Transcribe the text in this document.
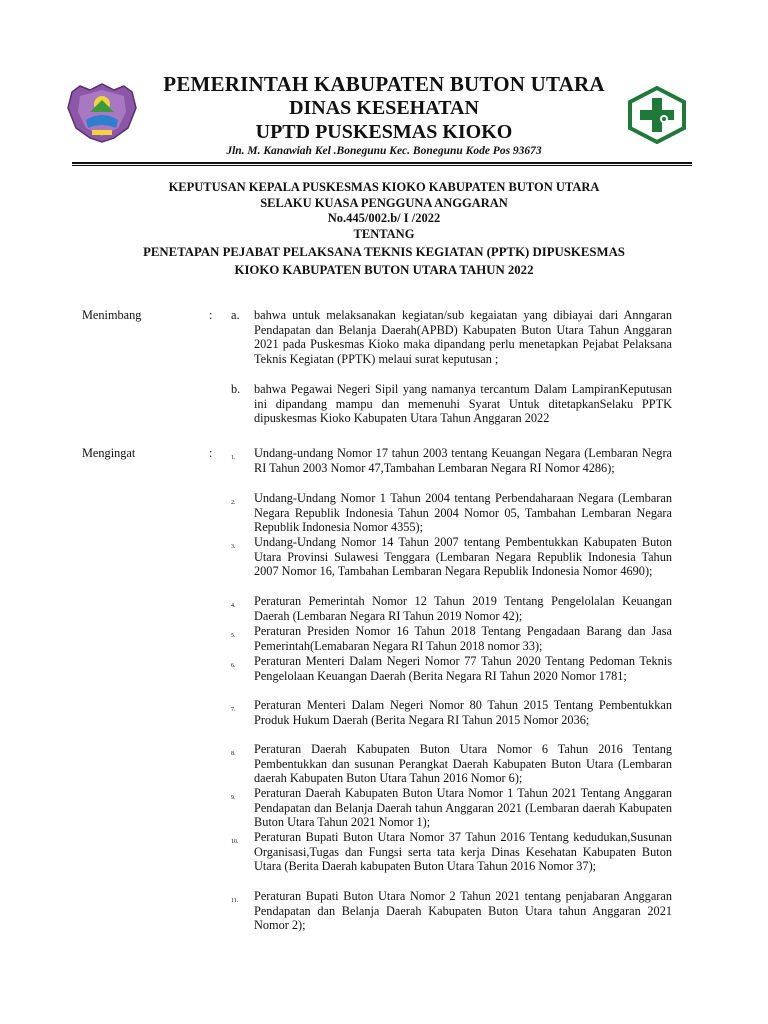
PEMERINTAH KABUPATEN BUTON UTARA
DINAS KESEHATAN
UPTD PUSKESMAS KIOKO
Jln. M. Kanawiah Kel .Bonegunu Kec. Bonegunu Kode Pos 93673
KEPUTUSAN KEPALA PUSKESMAS KIOKO KABUPATEN BUTON UTARA
SELAKU KUASA PENGGUNA ANGGARAN
No.445/002.b/ I /2022
TENTANG
PENETAPAN PEJABAT PELAKSANA TEKNIS KEGIATAN (PPTK) DIPUSKESMAS
KIOKO KABUPATEN BUTON UTARA TAHUN 2022
Menimbang	: a. bahwa untuk melaksanakan kegiatan/sub kegaiatan yang dibiayai dari Anngaran Pendapatan dan Belanja Daerah(APBD) Kabupaten Buton Utara Tahun Anggaran 2021 pada Puskesmas Kioko maka dipandang perlu menetapkan Pejabat Pelaksana Teknis Kegiatan (PPTK) melaui surat keputusan ;
b. bahwa Pegawai Negeri Sipil yang namanya tercantum Dalam LampiranKeputusan ini dipandang mampu dan memenuhi Syarat Untuk ditetapkanSelaku PPTK dipuskesmas Kioko Kabupaten Utara Tahun Anggaran 2022
Mengingat	:	1. Undang-undang Nomor 17 tahun 2003 tentang Keuangan Negara (Lembaran Negra RI Tahun 2003 Nomor 47,Tambahan Lembaran Negara RI Nomor 4286);
2. Undang-Undang Nomor 1 Tahun 2004 tentang Perbendaharaan Negara (Lembaran Negara Republik Indonesia Tahun 2004 Nomor 05, Tambahan Lembaran Negara Republik Indonesia Nomor 4355);
3. Undang-Undang Nomor 14 Tahun 2007 tentang Pembentukkan Kabupaten Buton Utara Provinsi Sulawesi Tenggara (Lembaran Negara Republik Indonesia Tahun 2007 Nomor 16, Tambahan Lembaran Negara Republik Indonesia Nomor 4690);
4. Peraturan Pemerintah Nomor 12 Tahun 2019 Tentang Pengelolalan Keuangan Daerah (Lembaran Negara RI Tahun 2019 Nomor 42);
5. Peraturan Presiden Nomor 16 Tahun 2018 Tentang Pengadaan Barang dan Jasa Pemerintah(Lemabaran Negara RI Tahun 2018 nomor 33);
6. Peraturan Menteri Dalam Negeri Nomor 77 Tahun 2020 Tentang Pedoman Teknis Pengelolaan Keuangan Daerah (Berita Negara RI Tahun 2020 Nomor 1781;
7. Peraturan Menteri Dalam Negeri Nomor 80 Tahun 2015 Tentang Pembentukkan Produk Hukum Daerah (Berita Negara RI Tahun 2015 Nomor 2036;
8. Peraturan Daerah Kabupaten Buton Utara Nomor 6 Tahun 2016 Tentang Pembentukkan dan susunan Perangkat Daerah Kabupaten Buton Utara (Lembaran daerah Kabupaten Buton Utara Tahun 2016 Nomor 6);
9. Peraturan Daerah Kabupaten Buton Utara Nomor 1 Tahun 2021 Tentang Anggaran Pendapatan dan Belanja Daerah tahun Anggaran 2021 (Lembaran daerah Kabupaten Buton Utara Tahun 2021 Nomor 1);
10. Peraturan Bupati Buton Utara Nomor 37 Tahun 2016 Tentang kedudukan,Susunan Organisasi,Tugas dan Fungsi serta tata kerja Dinas Kesehatan Kabupaten Buton Utara (Berita Daerah kabupaten Buton Utara Tahun 2016 Nomor 37);
11. Peraturan Bupati Buton Utara Nomor 2 Tahun 2021 tentang penjabaran Anggaran Pendapatan dan Belanja Daerah Kabupaten Buton Utara tahun Anggaran 2021 Nomor 2);
